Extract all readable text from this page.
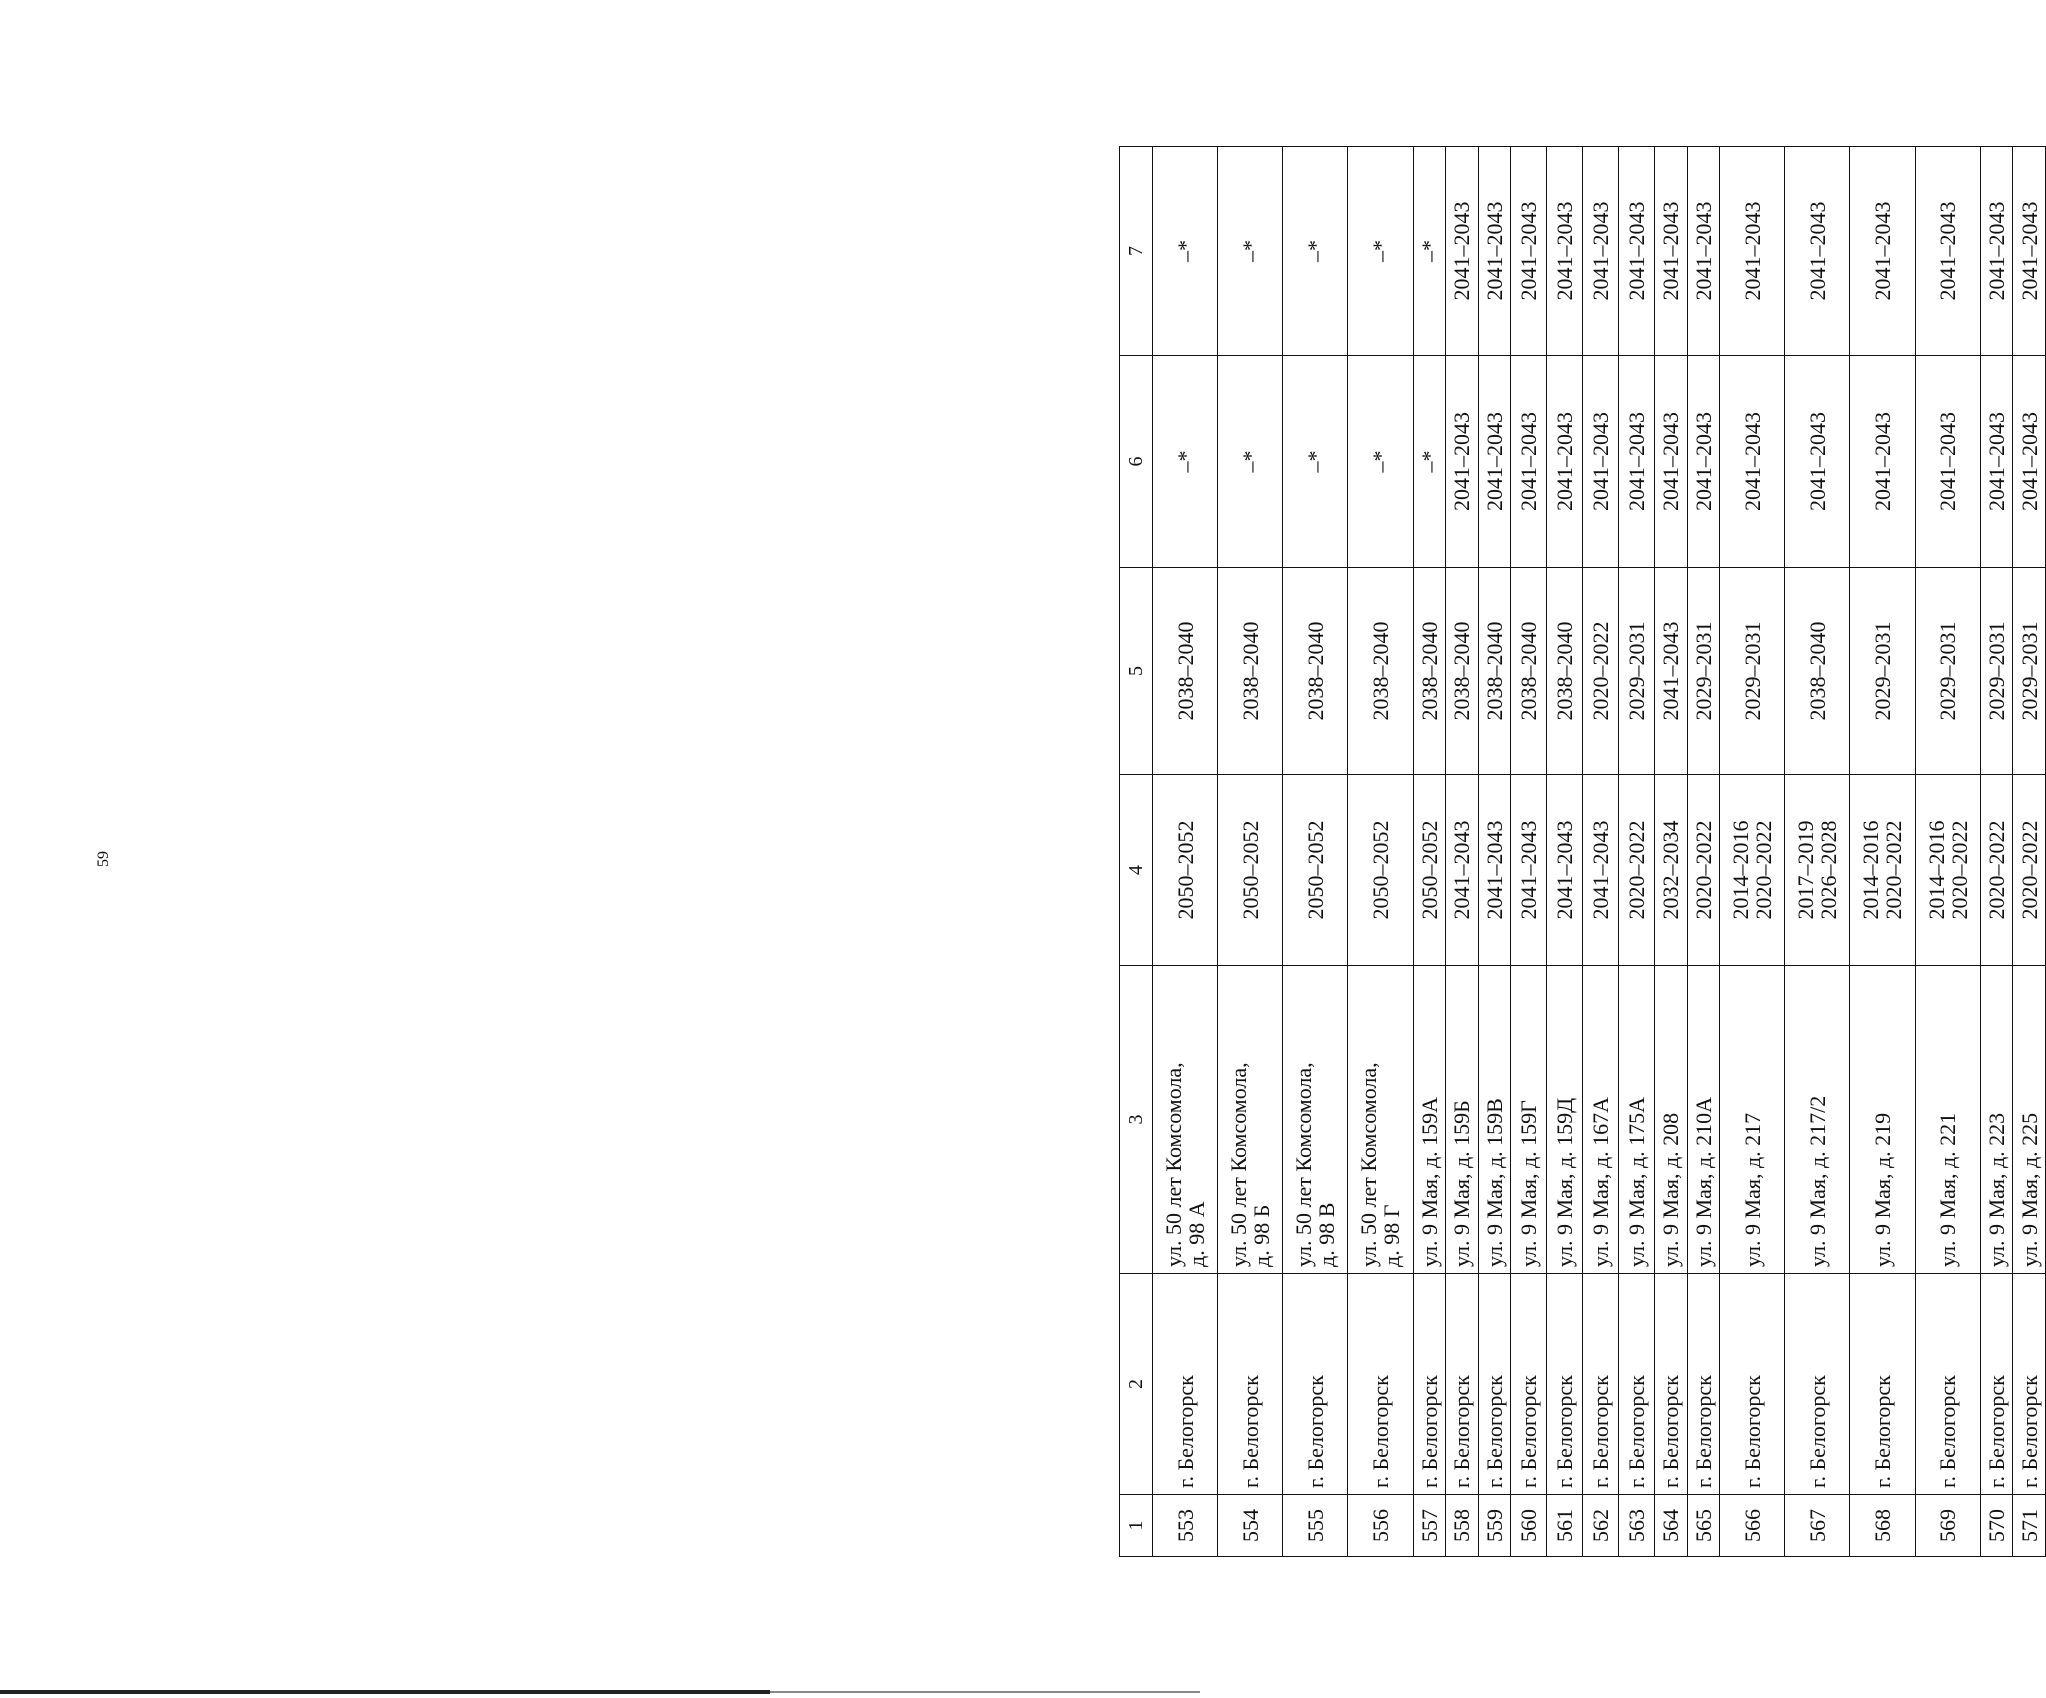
59
1	2	3	4	5	6	7

553	г. Белогорск	ул. 50 лет Комсомола,
д. 98 А	2050–2052	2038–2040	–*	–*

554	г. Белогорск	ул. 50 лет Комсомола,
д. 98 Б	2050–2052	2038–2040	–*	–*

555	г. Белогорск	ул. 50 лет Комсомола,
д. 98 В	2050–2052	2038–2040	–*	–*

556	г. Белогорск	ул. 50 лет Комсомола,
д. 98 Г	2050–2052	2038–2040	–*	–*

557	г. Белогорск	ул. 9 Мая, д. 159А	2050–2052	2038–2040	–*	–*

558	г. Белогорск	ул. 9 Мая, д. 159Б	2041–2043	2038–2040	2041–2043	2041–2043

559	г. Белогорск	ул. 9 Мая, д. 159В	2041–2043	2038–2040	2041–2043	2041–2043

560	г. Белогорск	ул. 9 Мая, д. 159Г	2041–2043	2038–2040	2041–2043	2041–2043

561	г. Белогорск	ул. 9 Мая, д. 159Д	2041–2043	2038–2040	2041–2043	2041–2043

562	г. Белогорск	ул. 9 Мая, д. 167А	2041–2043	2020–2022	2041–2043	2041–2043

563	г. Белогорск	ул. 9 Мая, д. 175А	2020–2022	2029–2031	2041–2043	2041–2043

564	г. Белогорск	ул. 9 Мая, д. 208	2032–2034	2041–2043	2041–2043	2041–2043

565	г. Белогорск	ул. 9 Мая, д. 210А	2020–2022	2029–2031	2041–2043	2041–2043

566	г. Белогорск	ул. 9 Мая, д. 217	2014–2016
2020–2022	2029–2031	2041–2043	2041–2043

567	г. Белогорск	ул. 9 Мая, д. 217/2	2017–2019
2026–2028	2038–2040	2041–2043	2041–2043

568	г. Белогорск	ул. 9 Мая, д. 219	2014–2016
2020–2022	2029–2031	2041–2043	2041–2043

569	г. Белогорск	ул. 9 Мая, д. 221	2014–2016
2020–2022	2029–2031	2041–2043	2041–2043

570	г. Белогорск	ул. 9 Мая, д. 223	2020–2022	2029–2031	2041–2043	2041–2043

571	г. Белогорск	ул. 9 Мая, д. 225	2020–2022	2029–2031	2041–2043	2041–2043
